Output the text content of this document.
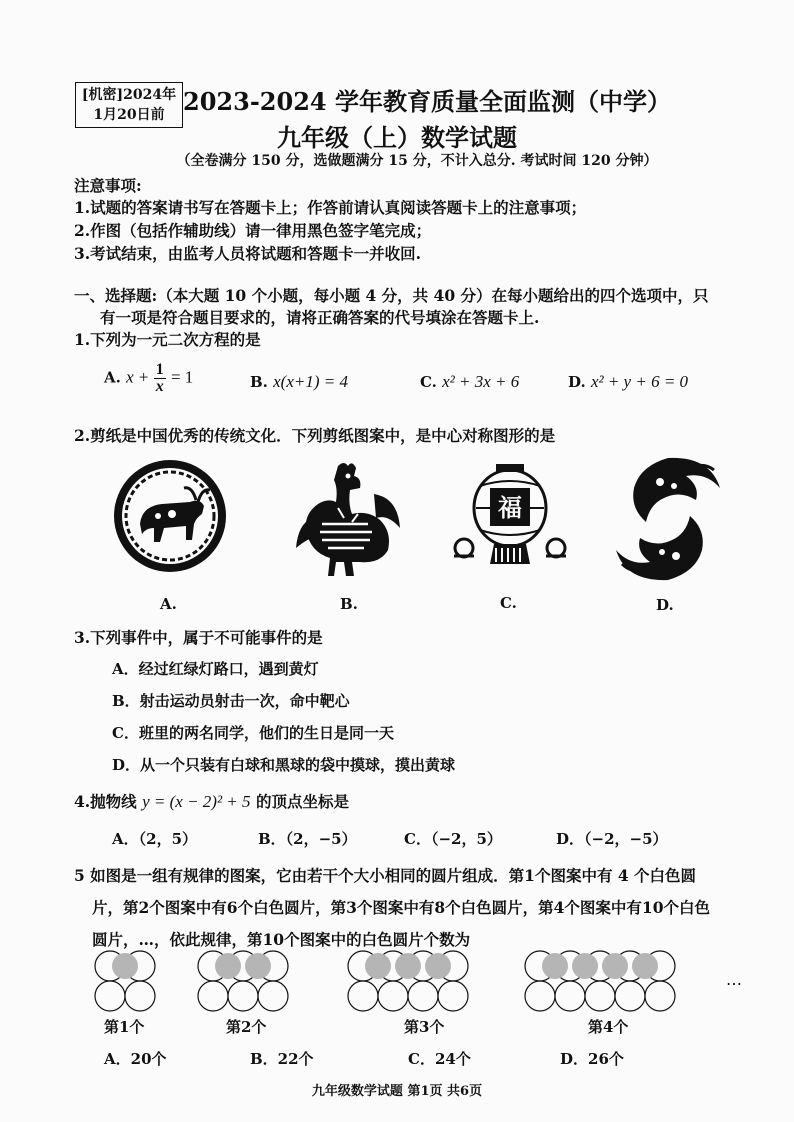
[机密]2024年
1月20日前 2023-2024 学年教育质量全面监测（中学）
九年级（上）数学试题
（全卷满分 150 分，选做题满分 15 分，不计入总分. 考试时间 120 分钟）
注意事项:
1.试题的答案请书写在答题卡上；作答前请认真阅读答题卡上的注意事项；
2.作图（包括作辅助线）请一律用黑色签字笔完成；
3.考试结束，由监考人员将试题和答题卡一并收回.
一、选择题:（本大题 10 个小题，每小题 4 分，共 40 分）在每小题给出的四个选项中，只
有一项是符合题目要求的，请将正确答案的代号填涂在答题卡上.
1.下列为一元二次方程的是
A. $x + \frac{1}{x} = 1$	B. x(x+1) = 4	C. x² + 3x + 6	D. x² + y + 6 = 0
2.剪纸是中国优秀的传统文化．下列剪纸图案中，是中心对称图形的是
A.	B.
福
C.	D.
3.下列事件中，属于不可能事件的是
A．经过红绿灯路口，遇到黄灯
B．射击运动员射击一次，命中靶心
C．班里的两名同学，他们的生日是同一天
D．从一个只装有白球和黑球的袋中摸球，摸出黄球
4.抛物线 y = (x − 2)² + 5 的顶点坐标是
A．（2，5）	B．（2，−5）	C．（−2，5）	D．（−2，−5）
5 如图是一组有规律的图案，它由若干个大小相同的圆片组成．第1个图案中有 4 个白色圆
片，第2个图案中有6个白色圆片，第3个图案中有8个白色圆片，第4个图案中有10个白色
圆片，…，依此规律，第10个图案中的白色圆片个数为
…
第1个	第2个	第3个	第4个
A．20个	B．22个	C．24个	D．26个
九年级数学试题 第1页 共6页
